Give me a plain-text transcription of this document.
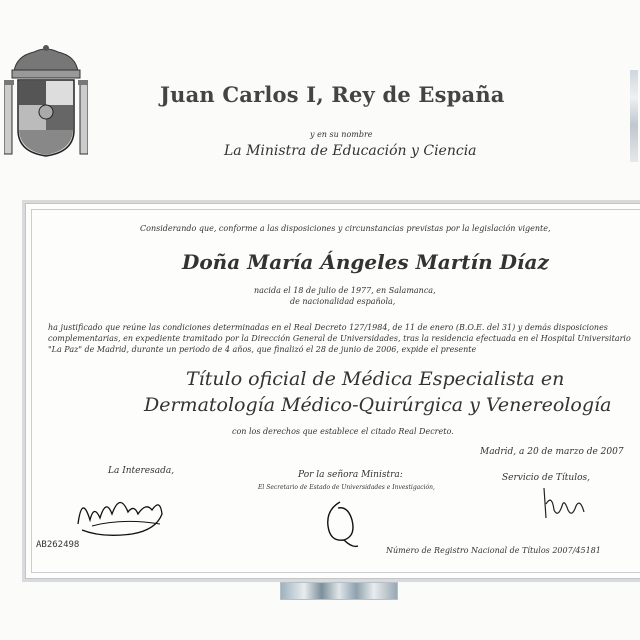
Juan Carlos I, Rey de España
y en su nombre
La Ministra de Educación y Ciencia
Considerando que, conforme a las disposiciones y circunstancias previstas por la legislación vigente,
Doña María Ángeles Martín Díaz
nacida el 18 de julio de 1977, en Salamanca,
de nacionalidad española,
ha justificado que reúne las condiciones determinadas en el Real Decreto 127/1984, de 11 de enero (B.O.E. del 31) y demás disposiciones complementarias, en expediente tramitado por la Dirección General de Universidades, tras la residencia efectuada en el Hospital Universitario "La Paz" de Madrid, durante un periodo de 4 años, que finalizó el 28 de junio de 2006, expide el presente
Título oficial de Médica Especialista en
Dermatología Médico-Quirúrgica y Venereología
con los derechos que establece el citado Real Decreto.
Madrid, a 20 de marzo de 2007
La Interesada,	Por la señora Ministra:
El Secretario de Estado de Universidades e Investigación,
Servicio de Títulos,
AB262498
Número de Registro Nacional de Títulos 2007/45181
